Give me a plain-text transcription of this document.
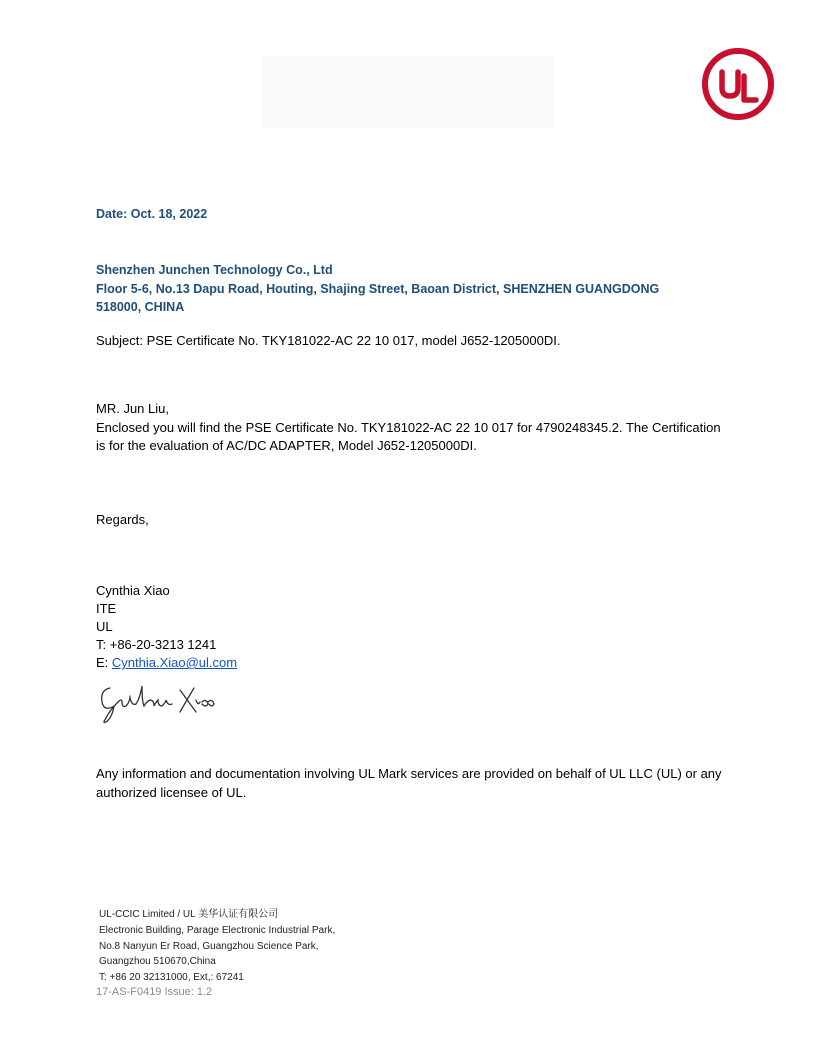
Date: Oct. 18, 2022
Shenzhen Junchen Technology Co., Ltd
Floor 5-6, No.13 Dapu Road, Houting, Shajing Street, Baoan District, SHENZHEN GUANGDONG
518000, CHINA
Subject: PSE Certificate No. TKY181022-AC 22 10 017, model J652-1205000DI.
MR. Jun Liu,
Enclosed you will find the PSE Certificate No. TKY181022-AC 22 10 017 for 4790248345.2. The Certification
is for the evaluation of AC/DC ADAPTER, Model J652-1205000DI.
Regards,
Cynthia Xiao
ITE
UL
T: +86-20-3213 1241
E: Cynthia.Xiao@ul.com
Any information and documentation involving UL Mark services are provided on behalf of UL LLC (UL) or any
authorized licensee of UL.
UL-CCIC Limited / UL 美华认证有限公司
Electronic Building, Parage Electronic Industrial Park,
No.8 Nanyun Er Road, Guangzhou Science Park,
Guangzhou 510670,China
T: +86 20 32131000, Ext,: 67241
17-AS-F0419 Issue: 1.2
